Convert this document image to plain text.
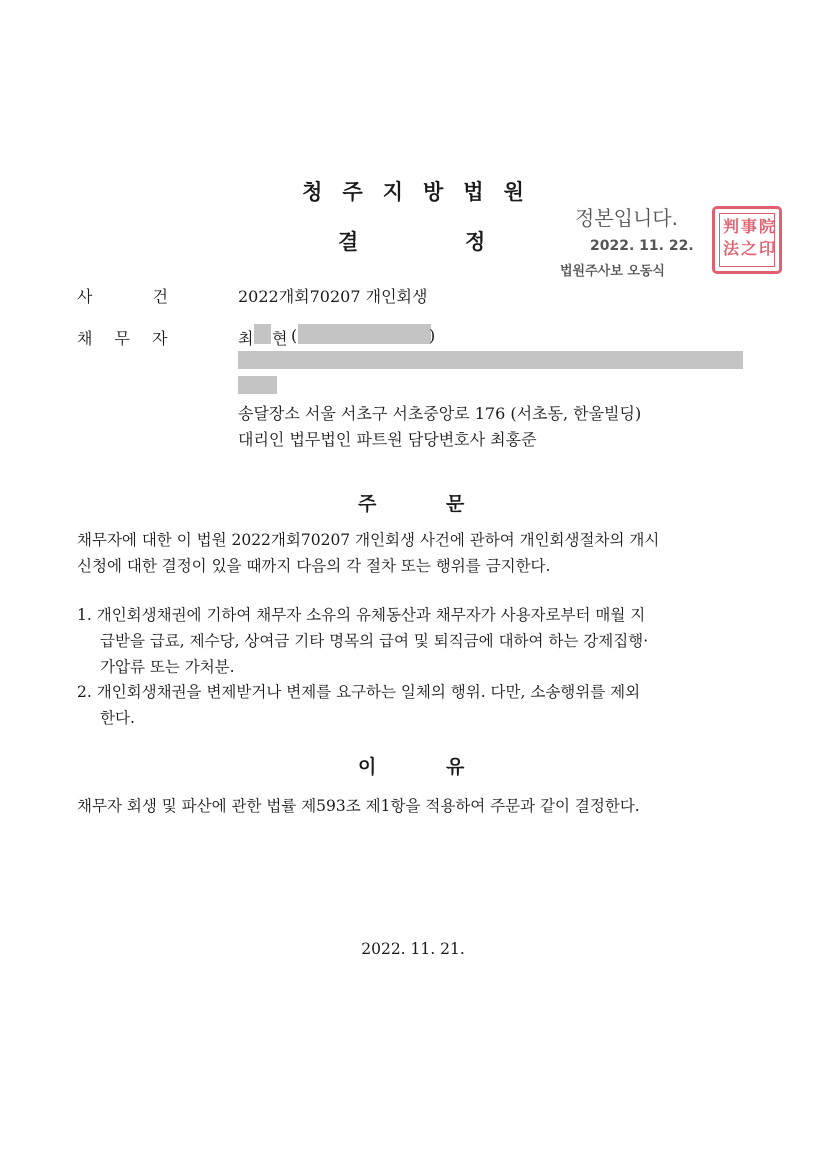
청주지방법원
결	정
정본입니다.
2022. 11. 22.
법원주사보 오동식
判 事 院
法 之 印
사	건	2022개회70207 개인회생
채 무 자	최 현 (	)
송달장소 서울 서초구 서초중앙로 176 (서초동, 한울빌딩)
대리인 법무법인 파트원 담당변호사 최홍준
주	문
채무자에 대한 이 법원 2022개회70207 개인회생 사건에 관하여 개인회생절차의 개시
신청에 대한 결정이 있을 때까지 다음의 각 절차 또는 행위를 금지한다.
1. 개인회생채권에 기하여 채무자 소유의 유체동산과 채무자가 사용자로부터 매월 지
급받을 급료, 제수당, 상여금 기타 명목의 급여 및 퇴직금에 대하여 하는 강제집행·
가압류 또는 가처분.
2. 개인회생채권을 변제받거나 변제를 요구하는 일체의 행위. 다만, 소송행위를 제외
한다.
이	유
채무자 회생 및 파산에 관한 법률 제593조 제1항을 적용하여 주문과 같이 결정한다.
2022. 11. 21.
